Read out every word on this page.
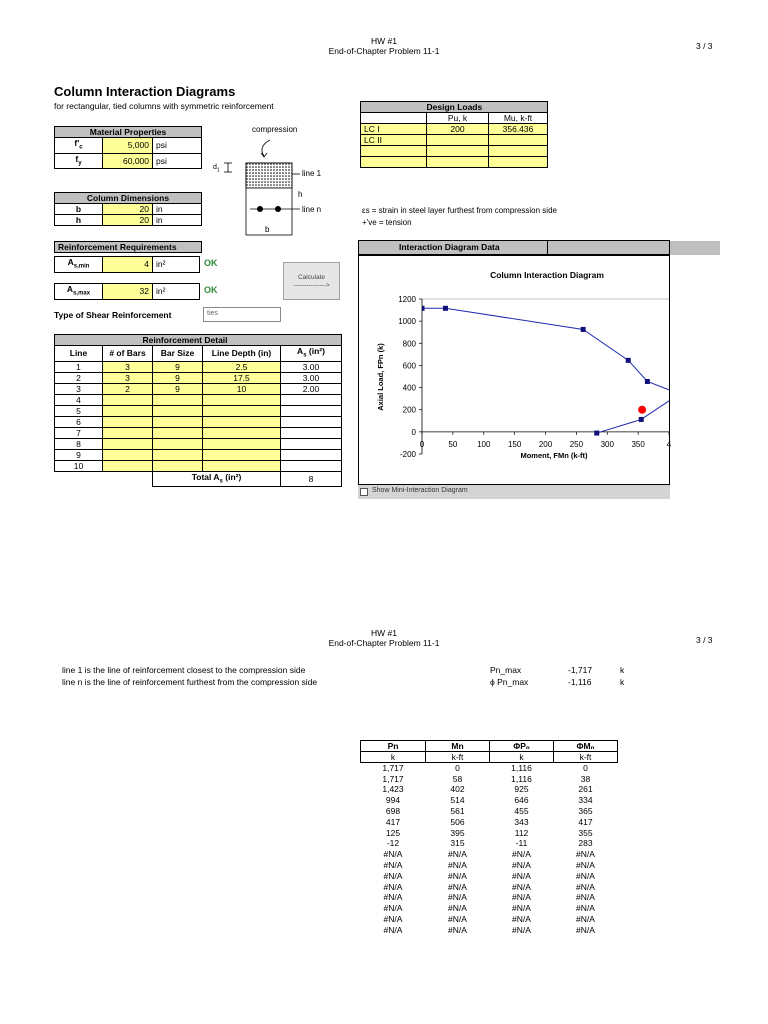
HW #1
End-of-Chapter Problem 11-1	3 / 3
Column Interaction Diagrams
for rectangular, tied columns with symmetric reinforcement
Material Properties		
$f'_c$	5,000	psi
$f_y$	60,000	psi
Column Dimensions		
b	20	in
h	20	in
Reinforcement Requirements
$A_{s,min}$	4	in²	OK
$A_{s,max}$	32	in²	OK
Calculate
--------------->
Type of Shear Reinforcement	ties
	Reinforcement Detail			
Line	# of Bars	Bar Size	Line Depth (in)	$A_s$ (in²)
1	3	9	2.5	3.00
2	3	9	17.5	3.00
3	2	9	10	2.00
4				
5				
6				
7				
8				
9				
10				
		Total $A_s$ (in²)		8
compression
$d_1$	line 1
h
line n
b
	Design Loads	
	Pu, k	Mu, k-ft
LC I	200	356.436
LC II		

εs = strain in steel layer furthest from compression side
+'ve = tension
Interaction Diagram Data
Column Interaction Diagram
1200
1000
800
600
400
200
0
-200
0	50 100 150 200 250 300 350	4
Moment, FMn (k-ft)
Axial Load, FPn (k)
Show Mini-Interaction Diagram
HW #1
End-of-Chapter Problem 11-1	3 / 3
line 1 is the line of reinforcement closest to the compression side
line n is the line of reinforcement furthest from the compression side
Pn_max	-1,717	k
ϕ Pn_max	-1,116	k
Pn	Mn	ΦPₙ	ΦMₙ
k	k-ft	k	k-ft
1,717	0	1,116	0
1,717	58	1,116	38
1,423	402	925	261
994	514	646	334
698	561	455	365
417	506	343	417
125	395	112	355
-12	315	-11	283
#N/A	#N/A	#N/A	#N/A
#N/A	#N/A	#N/A	#N/A
#N/A	#N/A	#N/A	#N/A
#N/A	#N/A	#N/A	#N/A
#N/A	#N/A	#N/A	#N/A
#N/A	#N/A	#N/A	#N/A
#N/A	#N/A	#N/A	#N/A
#N/A	#N/A	#N/A	#N/A
